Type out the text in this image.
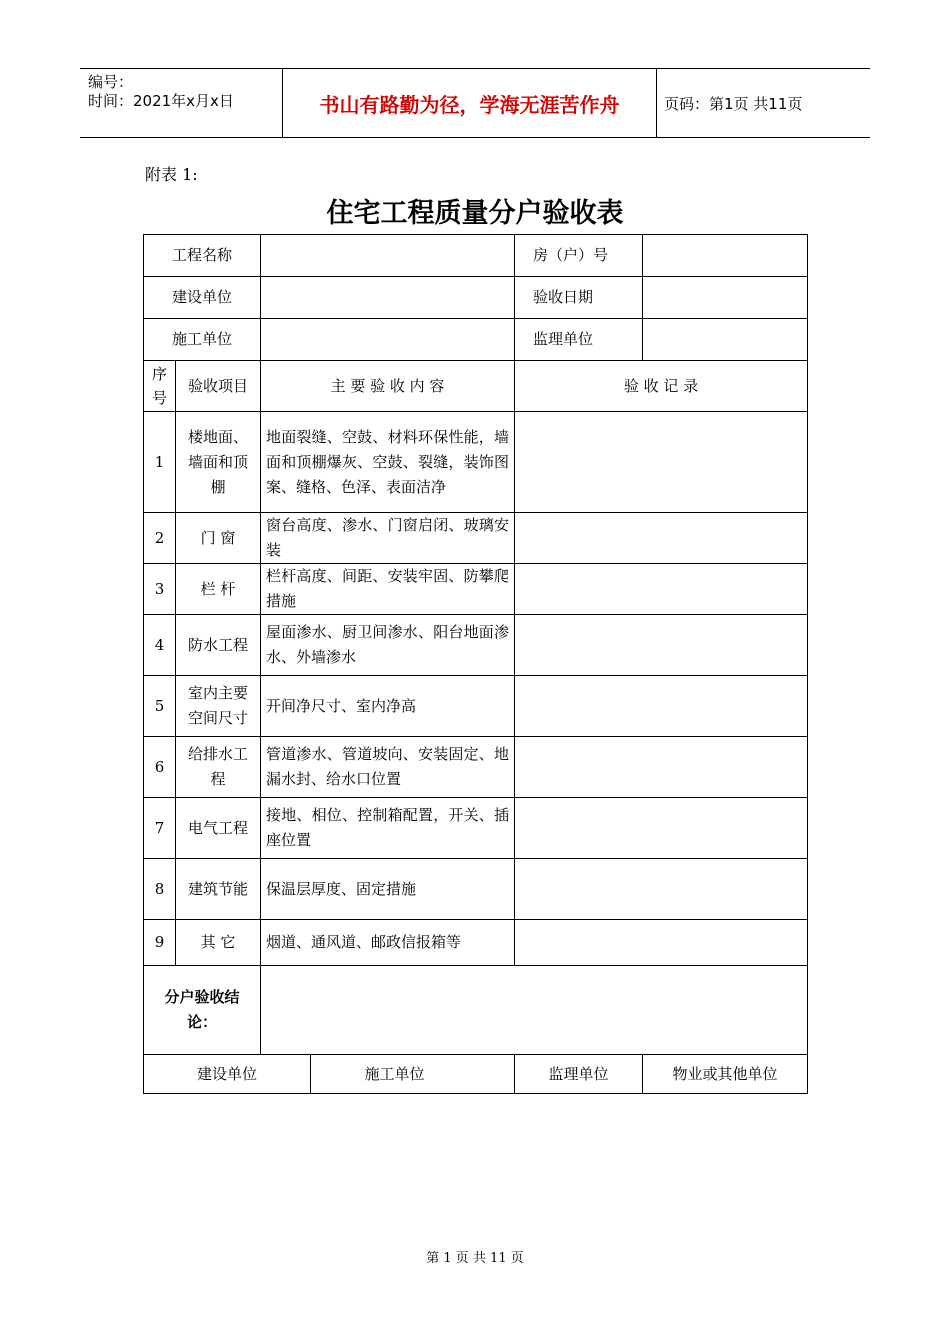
编号：
时间：2021年x月x日	书山有路勤为径，学海无涯苦作舟	页码：第1页 共11页
附表 1:
住宅工程质量分户验收表
工程名称				房（户）号	
建设单位				验收日期	
施工单位				监理单位	
序号	验收项目	主 要 验 收 内 容		验 收 记 录	
1	楼地面、墙面和顶棚	地面裂缝、空鼓、材料环保性能，墙面和顶棚爆灰、空鼓、裂缝，装饰图案、缝格、色泽、表面洁净			
2	门 窗	窗台高度、渗水、门窗启闭、玻璃安装			
3	栏 杆	栏杆高度、间距、安装牢固、防攀爬措施			
4	防水工程	屋面渗水、厨卫间渗水、阳台地面渗水、外墙渗水			
5	室内主要空间尺寸	开间净尺寸、室内净高			
6	给排水工程	管道渗水、管道坡向、安装固定、地漏水封、给水口位置			
7	电气工程	接地、相位、控制箱配置，开关、插座位置			
8	建筑节能	保温层厚度、固定措施			
9	其 它	烟道、通风道、邮政信报箱等			
分户验收结论：					
建设单位			施工单位	监理单位	物业或其他单位
第 1 页 共 11 页
